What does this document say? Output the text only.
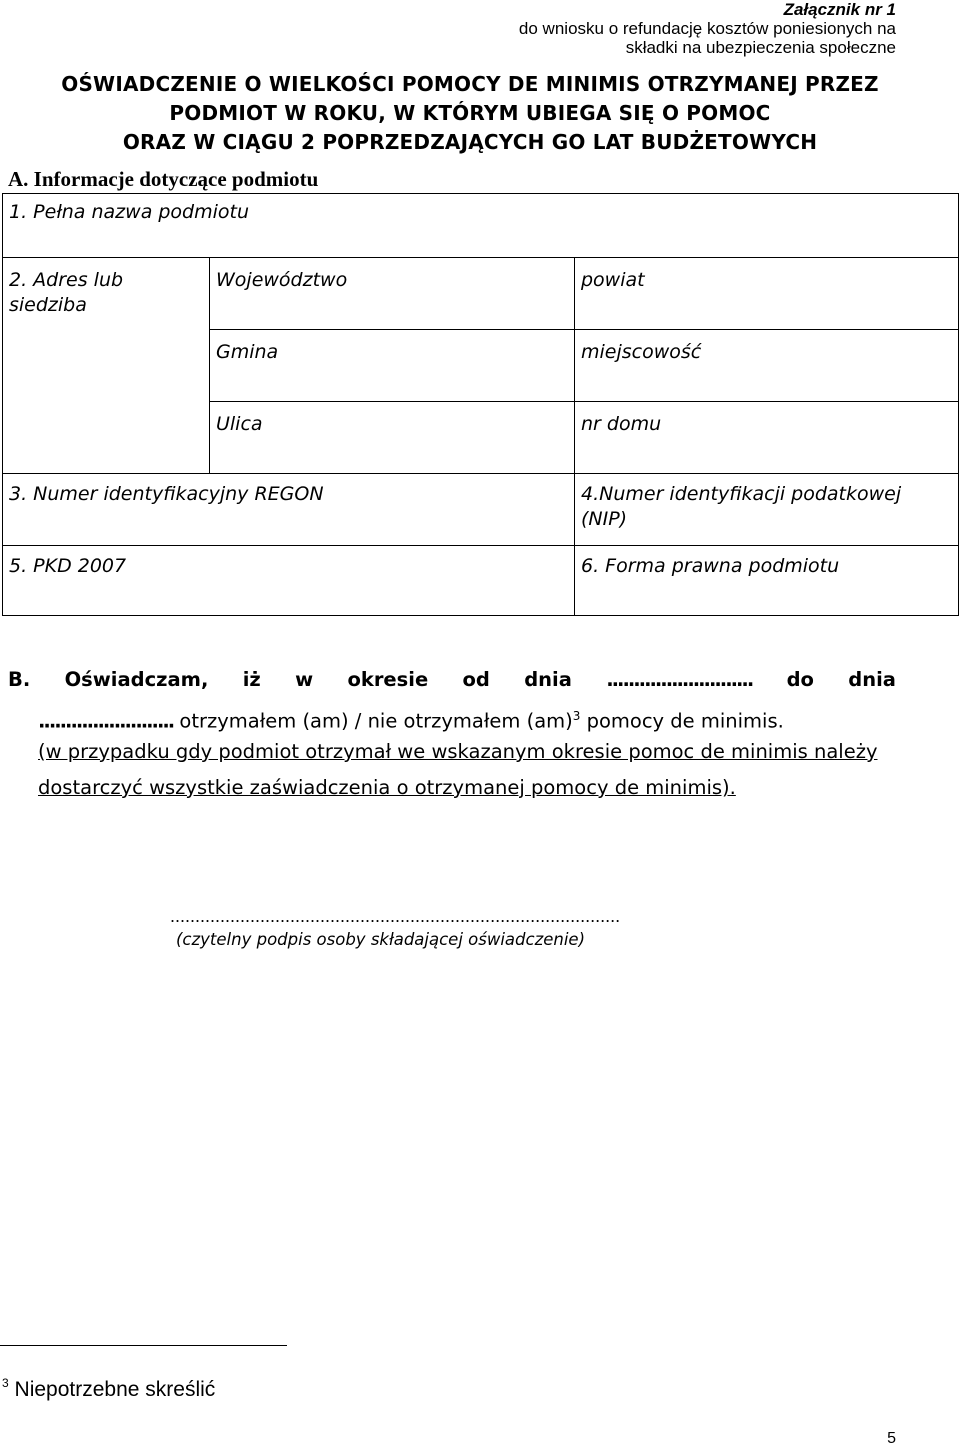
Załącznik nr 1
do wniosku o refundację kosztów poniesionych na
składki na ubezpieczenia społeczne
OŚWIADCZENIE O WIELKOŚCI POMOCY DE MINIMIS OTRZYMANEJ PRZEZ
PODMIOT W ROKU, W KTÓRYM UBIEGA SIĘ O POMOC
ORAZ W CIĄGU 2 POPRZEDZAJĄCYCH GO LAT BUDŻETOWYCH
A. Informacje dotyczące podmiotu
1. Pełna nazwa podmiotu		
2. Adres lub siedziba	Województwo	powiat
	Gmina	miejscowość
	Ulica	nr domu
3. Numer identyfikacyjny REGON		4.Numer identyfikacji podatkowej (NIP)
5. PKD 2007		6. Forma prawna podmiotu
B. Oświadczam, iż w okresie od dnia ........................... do dnia
......................... otrzymałem (am) / nie otrzymałem (am)$^3$ pomocy de minimis.
(w przypadku gdy podmiot otrzymał we wskazanym okresie pomoc de minimis należy
dostarczyć wszystkie zaświadczenia o otrzymanej pomocy de minimis).
..........................................................................................
(czytelny podpis osoby składającej oświadczenie)
$^3$ Niepotrzebne skreślić
5
